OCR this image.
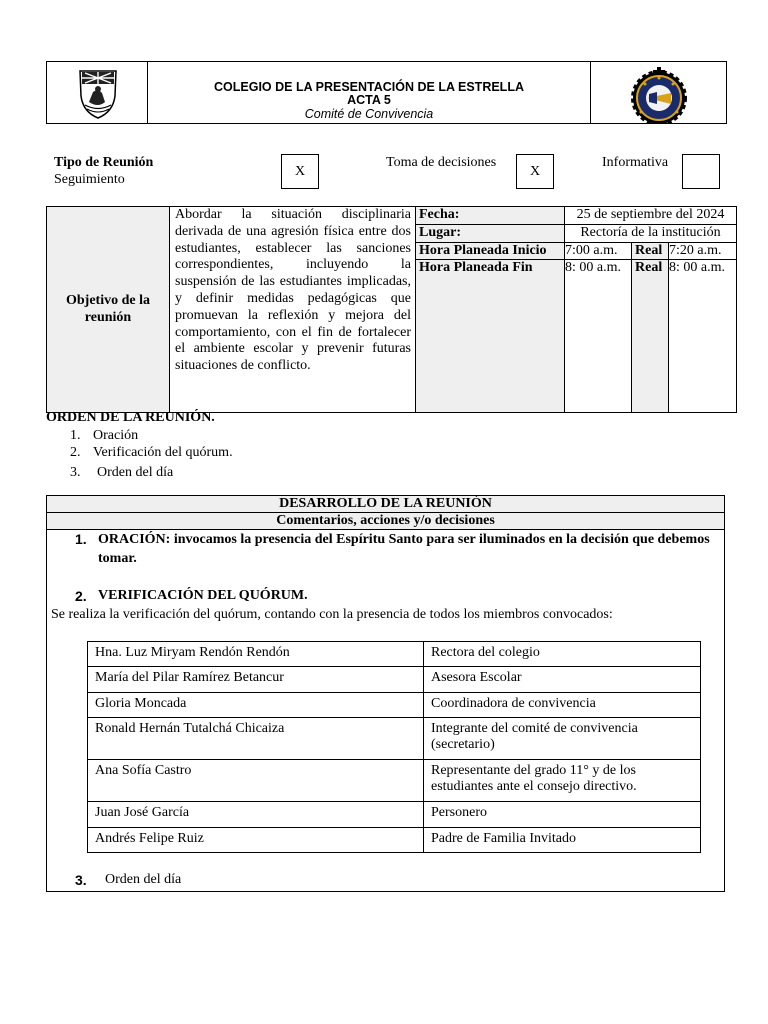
COLEGIO DE LA PRESENTACIÓN DE LA ESTRELLA
ACTA 5
Comité de Convivencia
Tipo de Reunión
Seguimiento
X
Toma de decisiones
X
Informativa
Objetivo de la reunión	Abordar la situación disciplinaria derivada de una agresión física entre dos estudiantes, establecer las sanciones correspondientes, incluyendo la suspensión de las estudiantes implicadas, y definir medidas pedagógicas que promuevan la reflexión y mejora del comportamiento, con el fin de fortalecer el ambiente escolar y prevenir futuras situaciones de conflicto.	Fecha:	25 de septiembre del 2024		
		Lugar:	Rectoría de la institución		
		Hora Planeada Inicio	7:00 a.m.	Real	7:20 a.m.
		Hora Planeada Fin	8: 00 a.m.	Real	8: 00 a.m.

ORDEN DE LA REUNIÓN.
1. Oración
2. Verificación del quórum.
3. Orden del día
DESARROLLO DE LA REUNIÓN
Comentarios, acciones y/o decisiones
1. ORACIÓN: invocamos la presencia del Espíritu Santo para ser iluminados en la decisión que debemos tomar.
2. VERIFICACIÓN DEL QUÓRUM.
Se realiza la verificación del quórum, contando con la presencia de todos los miembros convocados:
Hna. Luz Miryam Rendón Rendón	Rectora del colegio
María del Pilar Ramírez Betancur	Asesora Escolar
Gloria Moncada	Coordinadora de convivencia
Ronald Hernán Tutalchá Chicaiza	Integrante del comité de convivencia (secretario)
Ana Sofía Castro	Representante del grado 11° y de los estudiantes ante el consejo directivo.
Juan José García	Personero
Andrés Felipe Ruiz	Padre de Familia Invitado
3.	Orden del día
